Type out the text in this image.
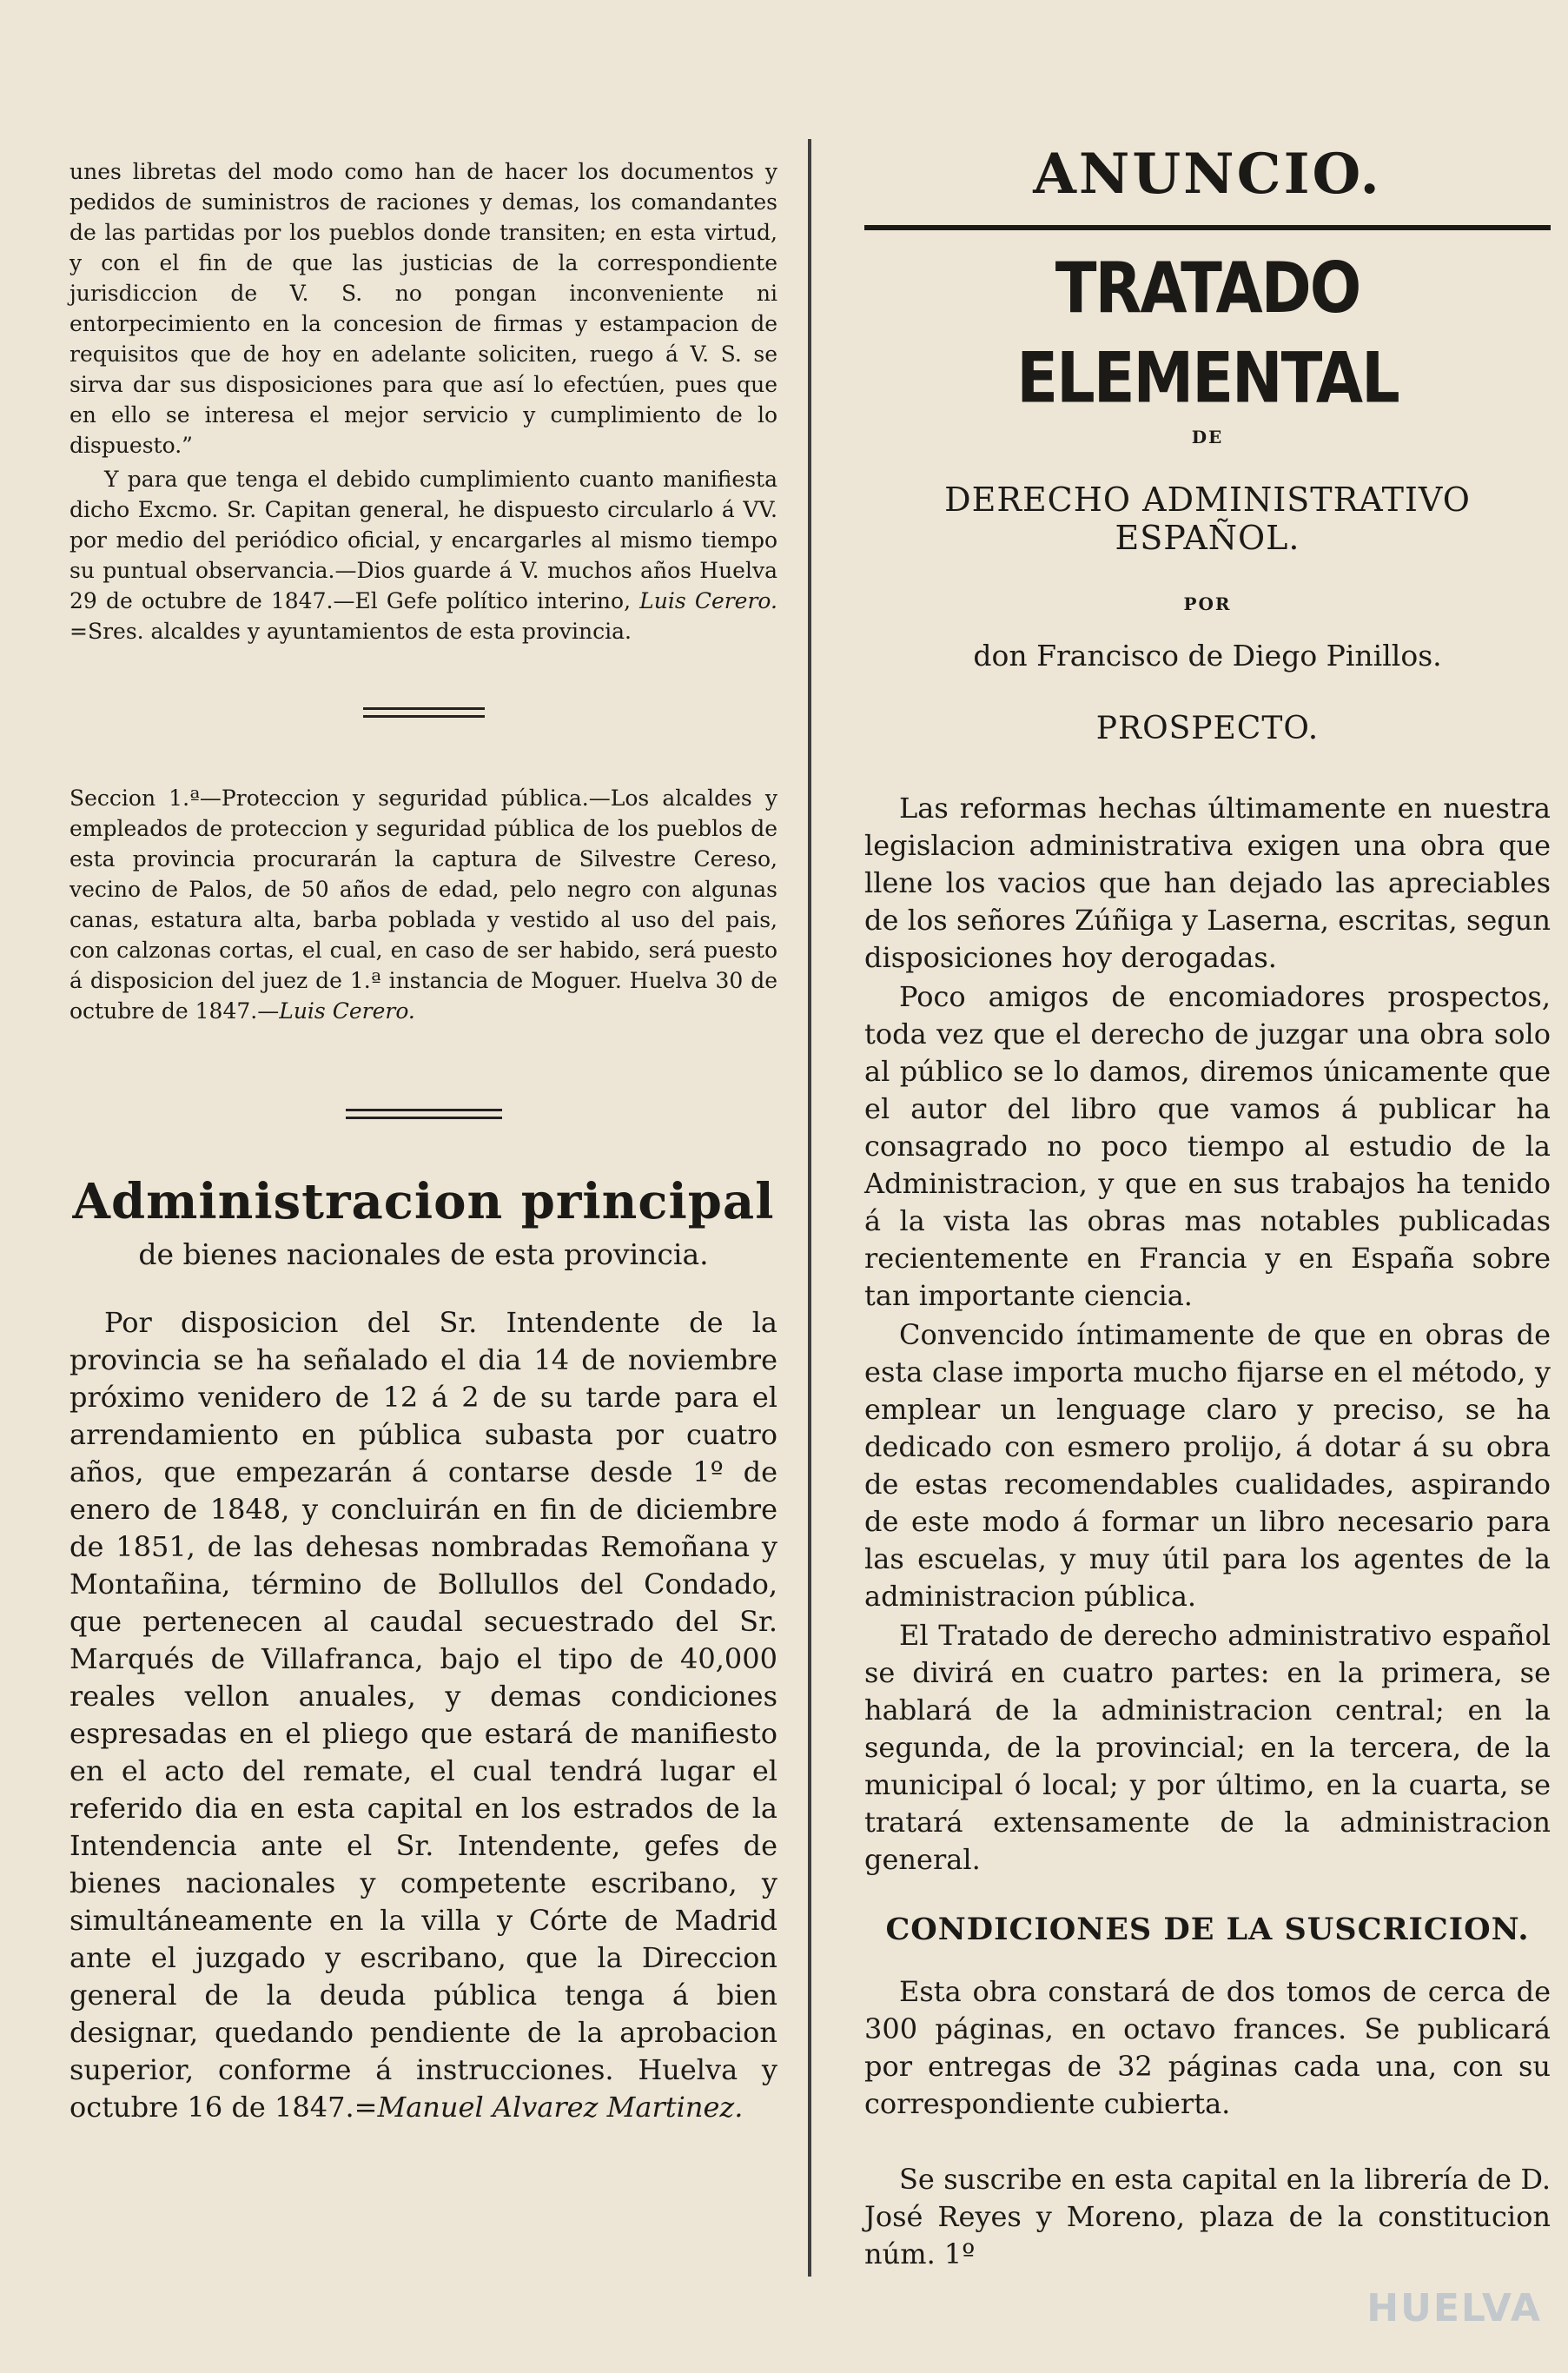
unes libretas del modo como han de hacer los documentos y pedidos de suministros de raciones y demas, los comandantes de las partidas por los pueblos donde transiten; en esta virtud, y con el fin de que las justicias de la correspondiente jurisdiccion de V. S. no pongan inconveniente ni entorpecimiento en la concesion de firmas y estampacion de requisitos que de hoy en adelante soliciten, ruego á V. S. se sirva dar sus disposiciones para que así lo efectúen, pues que en ello se interesa el mejor servicio y cumplimiento de lo dispuesto.”

Y para que tenga el debido cumplimiento cuanto manifiesta dicho Excmo. Sr. Capitan general, he dispuesto circularlo á VV. por medio del periódico oficial, y encargarles al mismo tiempo su puntual observancia.—Dios guarde á V. muchos años Huelva 29 de octubre de 1847.—El Gefe político interino, Luis Cerero. =Sres. alcaldes y ayuntamientos de esta provincia.

Seccion 1.ª—Proteccion y seguridad pública.—Los alcaldes y empleados de proteccion y seguridad pública de los pueblos de esta provincia procurarán la captura de Silvestre Cereso, vecino de Palos, de 50 años de edad, pelo negro con algunas canas, estatura alta, barba poblada y vestido al uso del pais, con calzonas cortas, el cual, en caso de ser habido, será puesto á disposicion del juez de 1.ª instancia de Moguer. Huelva 30 de octubre de 1847.—Luis Cerero.

Administracion principal
de bienes nacionales de esta provincia.

Por disposicion del Sr. Intendente de la provincia se ha señalado el dia 14 de noviembre próximo venidero de 12 á 2 de su tarde para el arrendamiento en pública subasta por cuatro años, que empezarán á contarse desde 1º de enero de 1848, y concluirán en fin de diciembre de 1851, de las dehesas nombradas Remoñana y Montañina, término de Bollullos del Condado, que pertenecen al caudal secuestrado del Sr. Marqués de Villafranca, bajo el tipo de 40,000 reales vellon anuales, y demas condiciones espresadas en el pliego que estará de manifiesto en el acto del remate, el cual tendrá lugar el referido dia en esta capital en los estrados de la Intendencia ante el Sr. Intendente, gefes de bienes nacionales y competente escribano, y simultáneamente en la villa y Córte de Madrid ante el juzgado y escribano, que la Direccion general de la deuda pública tenga á bien designar, quedando pendiente de la aprobacion superior, conforme á instrucciones. Huelva y octubre 16 de 1847.=Manuel Alvarez Martinez.

ANUNCIO.
TRATADO ELEMENTAL
DE
DERECHO ADMINISTRATIVO ESPAÑOL.
POR
don Francisco de Diego Pinillos.
PROSPECTO.

Las reformas hechas últimamente en nuestra legislacion administrativa exigen una obra que llene los vacios que han dejado las apreciables de los señores Zúñiga y Laserna, escritas, segun disposiciones hoy derogadas.

Poco amigos de encomiadores prospectos, toda vez que el derecho de juzgar una obra solo al público se lo damos, diremos únicamente que el autor del libro que vamos á publicar ha consagrado no poco tiempo al estudio de la Administracion, y que en sus trabajos ha tenido á la vista las obras mas notables publicadas recientemente en Francia y en España sobre tan importante ciencia.

Convencido íntimamente de que en obras de esta clase importa mucho fijarse en el método, y emplear un lenguage claro y preciso, se ha dedicado con esmero prolijo, á dotar á su obra de estas recomendables cualidades, aspirando de este modo á formar un libro necesario para las escuelas, y muy útil para los agentes de la administracion pública.

El Tratado de derecho administrativo español se divirá en cuatro partes: en la primera, se hablará de la administracion central; en la segunda, de la provincial; en la tercera, de la municipal ó local; y por último, en la cuarta, se tratará extensamente de la administracion general.

CONDICIONES DE LA SUSCRICION.

Esta obra constará de dos tomos de cerca de 300 páginas, en octavo frances. Se publicará por entregas de 32 páginas cada una, con su correspondiente cubierta.

Se suscribe en esta capital en la librería de D. José Reyes y Moreno, plaza de la constitucion núm. 1º

HUELVA
